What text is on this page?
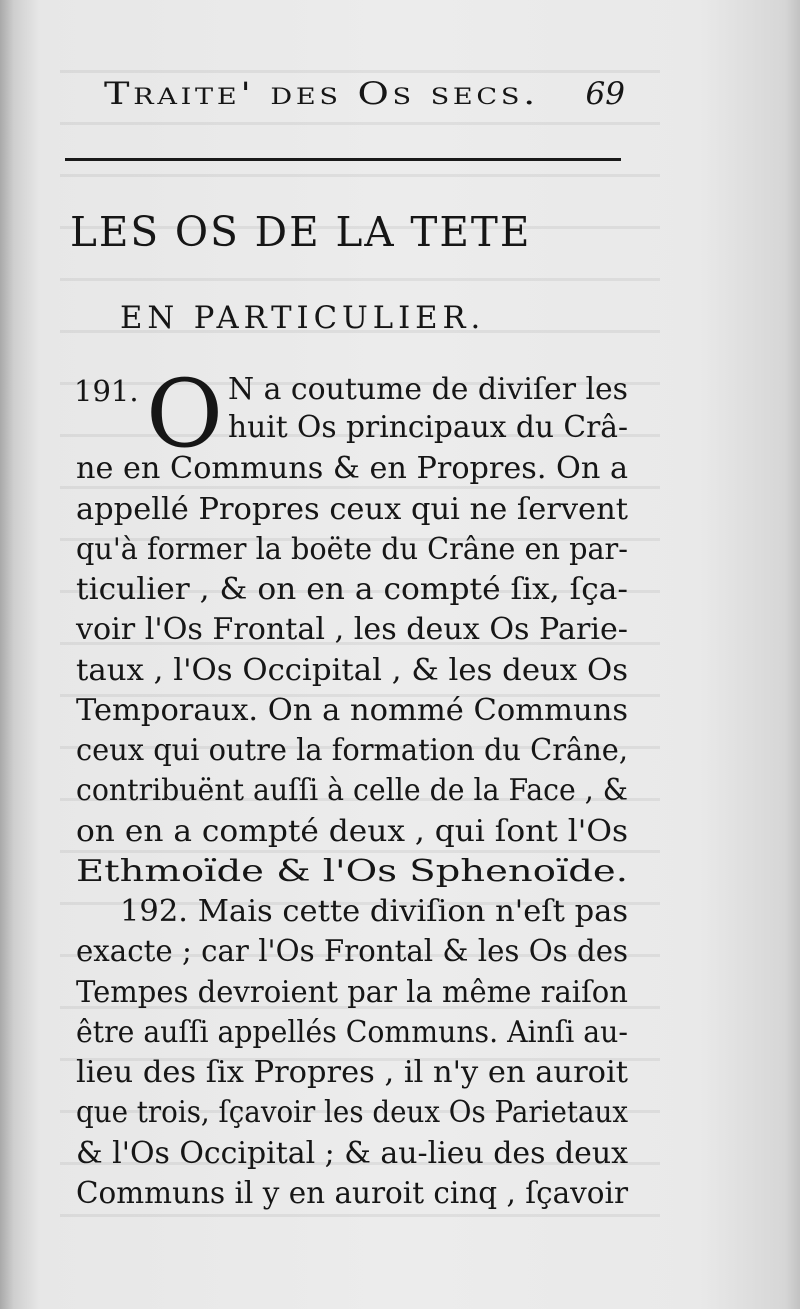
Traite' des Os secs. 69
LES OS DE LA TETE
EN PARTICULIER.
191. O N a coutume de diviſer les
huit Os principaux du Crâ-
ne en Communs & en Propres. On a
appellé Propres ceux qui ne ſervent
qu'à former la boëte du Crâne en par-
ticulier , & on en a compté ſix, ſça-
voir l'Os Frontal , les deux Os Parie-
taux , l'Os Occipital , & les deux Os
Temporaux. On a nommé Communs
ceux qui outre la formation du Crâne,
contribuënt auſſi à celle de la Face , &
on en a compté deux , qui ſont l'Os
Ethmoïde & l'Os Sphenoïde.
192. Mais cette diviſion n'eſt pas
exacte ; car l'Os Frontal & les Os des
Tempes devroient par la même raiſon
être auſſi appellés Communs. Ainſi au-
lieu des ſix Propres , il n'y en auroit
que trois, ſçavoir les deux Os Parietaux
& l'Os Occipital ; & au-lieu des deux
Communs il y en auroit cinq , ſçavoir
